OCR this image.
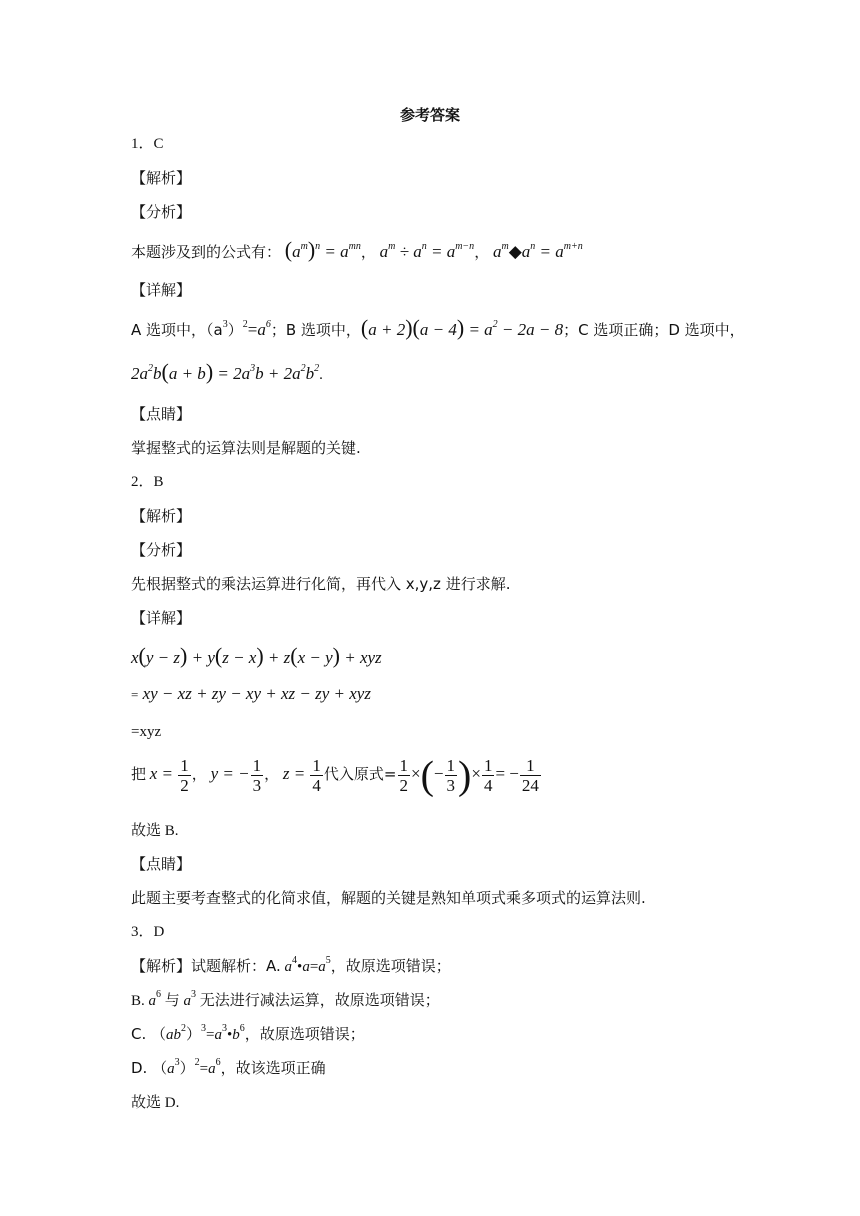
参考答案
1．C
【解析】
【分析】
本题涉及到的公式有： $(a^m)^n = a^{mn}$， $a^m \div a^n = a^{m-n}$， $a^m◆a^n = a^{m+n}$
【详解】
A 选项中，$(a^3)^2=a^6$；B 选项中，$(a + 2)(a - 4) = a^2 - 2a - 8$；C 选项正确；D 选项中，
$2a^2b(a + b) = 2a^3b + 2a^2b^2$.
【点睛】
掌握整式的运算法则是解题的关键.
2．B
【解析】
【分析】
先根据整式的乘法运算进行化简，再代入 x,y,z 进行求解.
【详解】
x(y − z) + y(z − x) + z(x − y) + xyz
= xy − xz + zy − xy + xz − zy + xyz
=xyz
把 $x = \frac{1}{2}$ ， y = − $\frac{1}{3}$ ， $z = \frac{1}{4}$ 代入原式= $\frac{1}{2}$ ×(− $\frac{1}{3}$ )× $\frac{1}{4}$ = − $\frac{1}{24}$
故选 B.
【点睛】
此题主要考查整式的化简求值，解题的关键是熟知单项式乘多项式的运算法则.
3．D
【解析】试题解析：A. $a^4•a=a^5$，故原选项错误；
B. $a^6$ 与 $a^3$ 无法进行减法运算，故原选项错误；
C. $(ab^2)^3=a^3•b^6$，故原选项错误；
D. $(a^3)^2=a^6$，故该选项正确
故选 D.
